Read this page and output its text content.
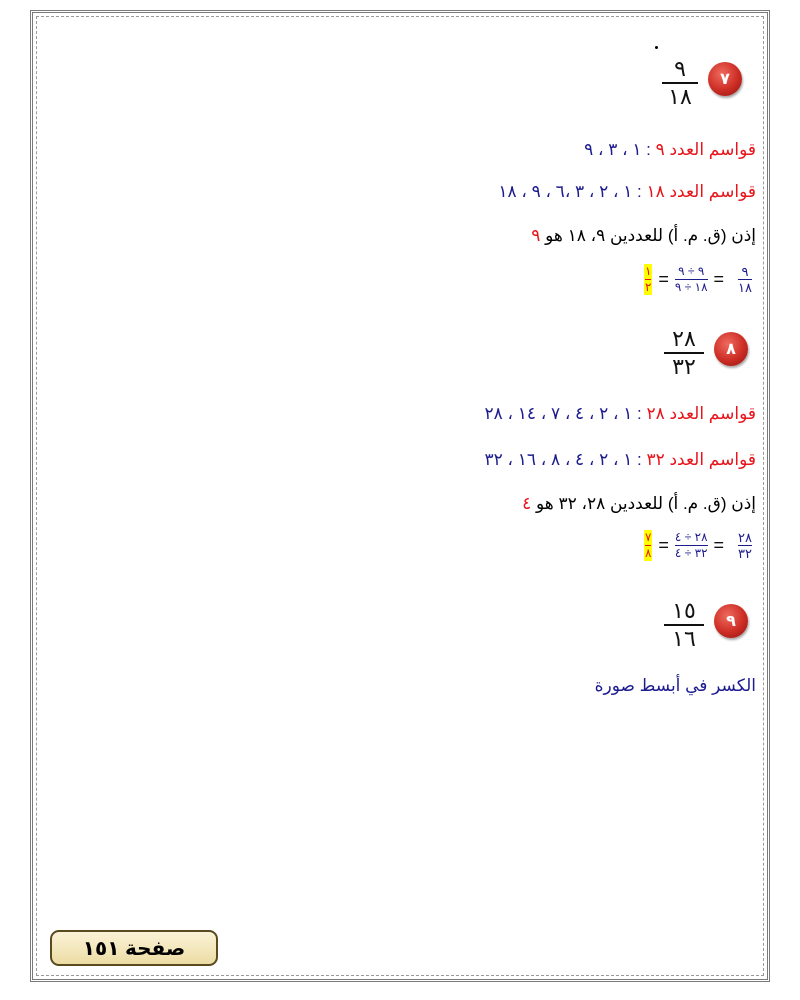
٧
٩
١٨
قواسم العدد ٩ : ١ ، ٣ ، ٩
قواسم العدد ١٨ : ١ ، ٢ ، ٣ ،٦ ، ٩ ، ١٨
إذن (ق. م. أ) للعددين ٩، ١٨ هو ٩
٩
١٨
=
٩ ÷ ٩
١٨ ÷ ٩
=
١
٢
٨
٢٨
٣٢
قواسم العدد ٢٨ : ١ ، ٢ ، ٤ ، ٧ ، ١٤ ، ٢٨
قواسم العدد ٣٢ : ١ ، ٢ ، ٤ ، ٨ ، ١٦ ، ٣٢
إذن (ق. م. أ) للعددين ٢٨، ٣٢ هو ٤
٢٨
٣٢
=
٢٨ ÷ ٤
٣٢ ÷ ٤
=
٧
٨
٩
١٥
١٦
الكسر في أبسط صورة
صفحة ١٥١
